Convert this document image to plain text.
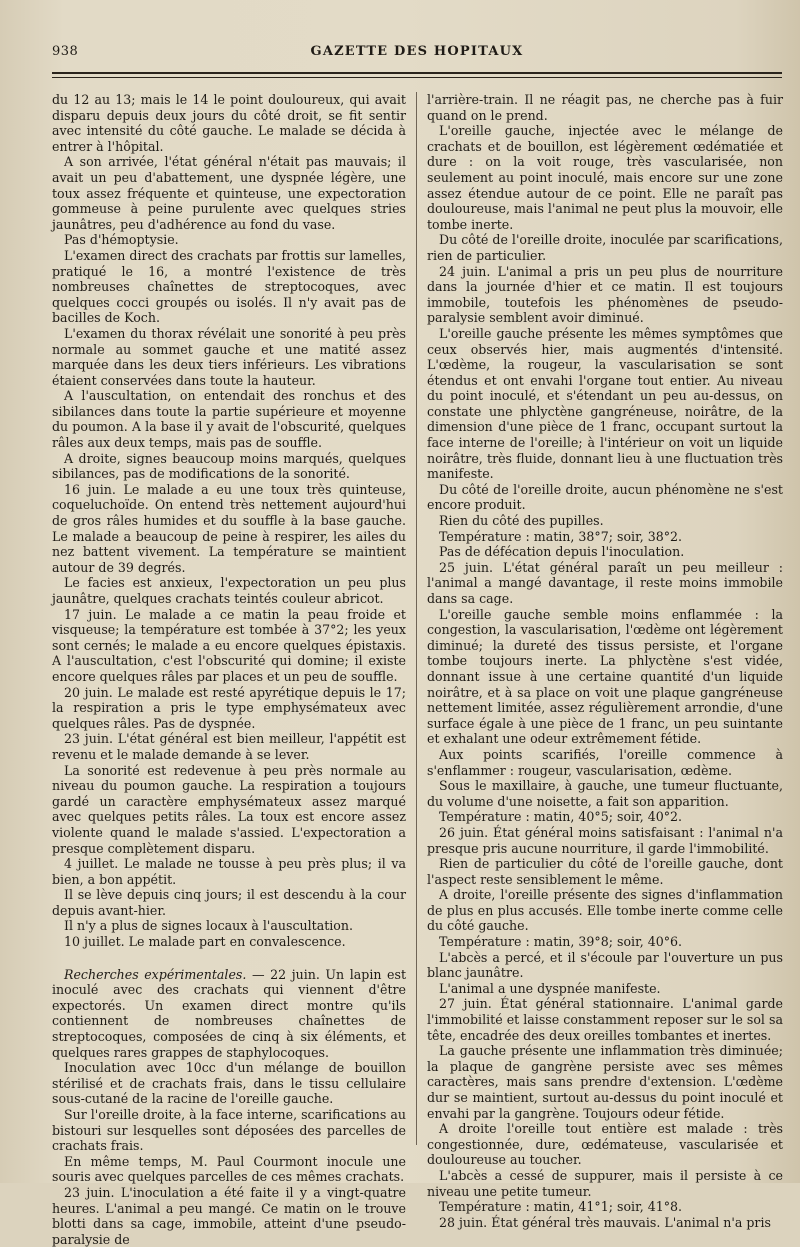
938	GAZETTE DES HOPITAUX

du 12 au 13; mais le 14 le point douloureux, qui avait disparu depuis deux jours du côté droit, se fit sentir avec intensité du côté gauche. Le malade se décida à entrer à l'hôpital.

A son arrivée, l'état général n'était pas mauvais; il avait un peu d'abattement, une dyspnée légère, une toux assez fréquente et quinteuse, une expectoration gommeuse à peine purulente avec quelques stries jaunâtres, peu d'adhérence au fond du vase.

Pas d'hémoptysie.

L'examen direct des crachats par frottis sur lamelles, pratiqué le 16, a montré l'existence de très nombreuses chaînettes de streptocoques, avec quelques cocci groupés ou isolés. Il n'y avait pas de bacilles de Koch.

L'examen du thorax révélait une sonorité à peu près normale au sommet gauche et une matité assez marquée dans les deux tiers inférieurs. Les vibrations étaient conservées dans toute la hauteur.

A l'auscultation, on entendait des ronchus et des sibilances dans toute la partie supérieure et moyenne du poumon. A la base il y avait de l'obscurité, quelques râles aux deux temps, mais pas de souffle.

A droite, signes beaucoup moins marqués, quelques sibilances, pas de modifications de la sonorité.

16 juin. Le malade a eu une toux très quinteuse, coqueluchoïde. On entend très nettement aujourd'hui de gros râles humides et du souffle à la base gauche. Le malade a beaucoup de peine à respirer, les ailes du nez battent vivement. La température se maintient autour de 39 degrés.

Le facies est anxieux, l'expectoration un peu plus jaunâtre, quelques crachats teintés couleur abricot.

17 juin. Le malade a ce matin la peau froide et visqueuse; la température est tombée à 37°2; les yeux sont cernés; le malade a eu encore quelques épistaxis. A l'auscultation, c'est l'obscurité qui domine; il existe encore quelques râles par places et un peu de souffle.

20 juin. Le malade est resté apyrétique depuis le 17; la respiration a pris le type emphysémateux avec quelques râles. Pas de dyspnée.

23 juin. L'état général est bien meilleur, l'appétit est revenu et le malade demande à se lever.

La sonorité est redevenue à peu près normale au niveau du poumon gauche. La respiration a toujours gardé un caractère emphysémateux assez marqué avec quelques petits râles. La toux est encore assez violente quand le malade s'assied. L'expectoration a presque complètement disparu.

4 juillet. Le malade ne tousse à peu près plus; il va bien, a bon appétit.

Il se lève depuis cinq jours; il est descendu à la cour depuis avant-hier.

Il n'y a plus de signes locaux à l'auscultation.

10 juillet. Le malade part en convalescence.

Recherches expérimentales. — 22 juin. Un lapin est inoculé avec des crachats qui viennent d'être expectorés. Un examen direct montre qu'ils contiennent de nombreuses chaînettes de streptocoques, composées de cinq à six éléments, et quelques rares grappes de staphylocoques.

Inoculation avec 10cc d'un mélange de bouillon stérilisé et de crachats frais, dans le tissu cellulaire sous-cutané de la racine de l'oreille gauche.

Sur l'oreille droite, à la face interne, scarifications au bistouri sur lesquelles sont déposées des parcelles de crachats frais.

En même temps, M. Paul Courmont inocule une souris avec quelques parcelles de ces mêmes crachats.

23 juin. L'inoculation a été faite il y a vingt-quatre heures. L'animal a peu mangé. Ce matin on le trouve blotti dans sa cage, immobile, atteint d'une pseudo-paralysie de

l'arrière-train. Il ne réagit pas, ne cherche pas à fuir quand on le prend.

L'oreille gauche, injectée avec le mélange de crachats et de bouillon, est légèrement œdématiée et dure : on la voit rouge, très vascularisée, non seulement au point inoculé, mais encore sur une zone assez étendue autour de ce point. Elle ne paraît pas douloureuse, mais l'animal ne peut plus la mouvoir, elle tombe inerte.

Du côté de l'oreille droite, inoculée par scarifications, rien de particulier.

24 juin. L'animal a pris un peu plus de nourriture dans la journée d'hier et ce matin. Il est toujours immobile, toutefois les phénomènes de pseudo-paralysie semblent avoir diminué.

L'oreille gauche présente les mêmes symptômes que ceux observés hier, mais augmentés d'intensité. L'œdème, la rougeur, la vascularisation se sont étendus et ont envahi l'organe tout entier. Au niveau du point inoculé, et s'étendant un peu au-dessus, on constate une phlyctène gangréneuse, noirâtre, de la dimension d'une pièce de 1 franc, occupant surtout la face interne de l'oreille; à l'intérieur on voit un liquide noirâtre, très fluide, donnant lieu à une fluctuation très manifeste.

Du côté de l'oreille droite, aucun phénomène ne s'est encore produit.

Rien du côté des pupilles.

Température : matin, 38°7; soir, 38°2.

Pas de défécation depuis l'inoculation.

25 juin. L'état général paraît un peu meilleur : l'animal a mangé davantage, il reste moins immobile dans sa cage.

L'oreille gauche semble moins enflammée : la congestion, la vascularisation, l'œdème ont légèrement diminué; la dureté des tissus persiste, et l'organe tombe toujours inerte. La phlyctène s'est vidée, donnant issue à une certaine quantité d'un liquide noirâtre, et à sa place on voit une plaque gangréneuse nettement limitée, assez régulièrement arrondie, d'une surface égale à une pièce de 1 franc, un peu suintante et exhalant une odeur extrêmement fétide.

Aux points scarifiés, l'oreille commence à s'enflammer : rougeur, vascularisation, œdème.

Sous le maxillaire, à gauche, une tumeur fluctuante, du volume d'une noisette, a fait son apparition.

Température : matin, 40°5; soir, 40°2.

26 juin. État général moins satisfaisant : l'animal n'a presque pris aucune nourriture, il garde l'immobilité.

Rien de particulier du côté de l'oreille gauche, dont l'aspect reste sensiblement le même.

A droite, l'oreille présente des signes d'inflammation de plus en plus accusés. Elle tombe inerte comme celle du côté gauche.

Température : matin, 39°8; soir, 40°6.

L'abcès a percé, et il s'écoule par l'ouverture un pus blanc jaunâtre.

L'animal a une dyspnée manifeste.

27 juin. État général stationnaire. L'animal garde l'immobilité et laisse constamment reposer sur le sol sa tête, encadrée des deux oreilles tombantes et inertes.

La gauche présente une inflammation très diminuée; la plaque de gangrène persiste avec ses mêmes caractères, mais sans prendre d'extension. L'œdème dur se maintient, surtout au-dessus du point inoculé et envahi par la gangrène. Toujours odeur fétide.

A droite l'oreille tout entière est malade : très congestionnée, dure, œdémateuse, vascularisée et douloureuse au toucher.

L'abcès a cessé de suppurer, mais il persiste à ce niveau une petite tumeur.

Température : matin, 41°1; soir, 41°8.

28 juin. État général très mauvais. L'animal n'a pris
